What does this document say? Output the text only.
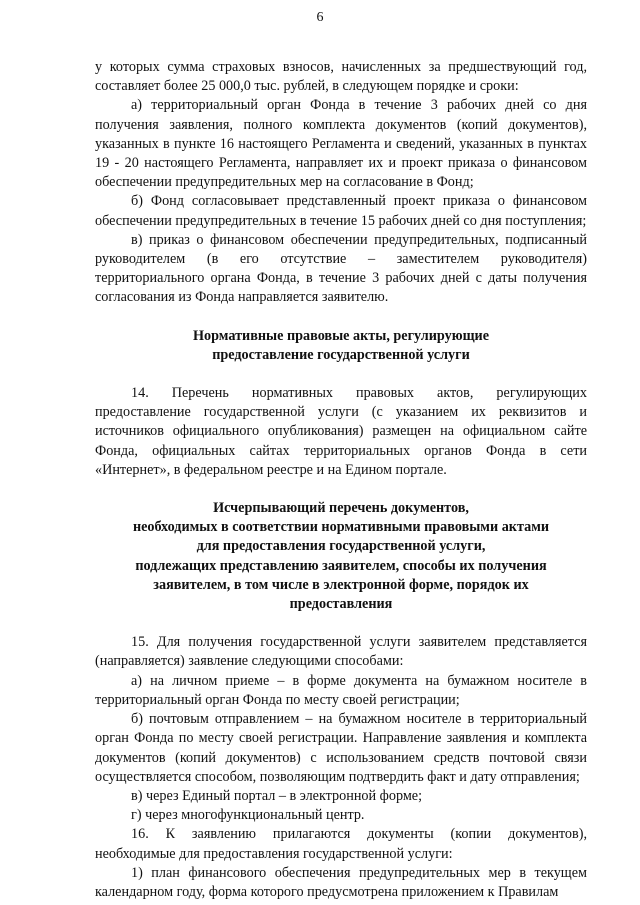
6

у которых сумма страховых взносов, начисленных за предшествующий год, составляет более 25 000,0 тыс. рублей, в следующем порядке и сроки:

а) территориальный орган Фонда в течение 3 рабочих дней со дня получения заявления, полного комплекта документов (копий документов), указанных в пункте 16 настоящего Регламента и сведений, указанных в пунктах 19 - 20 настоящего Регламента, направляет их и проект приказа о финансовом обеспечении предупредительных мер на согласование в Фонд;

б) Фонд согласовывает представленный проект приказа о финансовом обеспечении предупредительных в течение 15 рабочих дней со дня поступления;

в) приказ о финансовом обеспечении предупредительных, подписанный руководителем (в его отсутствие – заместителем руководителя) территориального органа Фонда, в течение 3 рабочих дней с даты получения согласования из Фонда направляется заявителю.

Нормативные правовые акты, регулирующие
предоставление государственной услуги

14. Перечень нормативных правовых актов, регулирующих предоставление государственной услуги (с указанием их реквизитов и источников официального опубликования) размещен на официальном сайте Фонда, официальных сайтах территориальных органов Фонда в сети «Интернет», в федеральном реестре и на Едином портале.

Исчерпывающий перечень документов,
необходимых в соответствии нормативными правовыми актами
для предоставления государственной услуги,
подлежащих представлению заявителем, способы их получения
заявителем, в том числе в электронной форме, порядок их
предоставления

15. Для получения государственной услуги заявителем представляется (направляется) заявление следующими способами:

а) на личном приеме – в форме документа на бумажном носителе в территориальный орган Фонда по месту своей регистрации;

б) почтовым отправлением – на бумажном носителе в территориальный орган Фонда по месту своей регистрации. Направление заявления и комплекта документов (копий документов) с использованием средств почтовой связи осуществляется способом, позволяющим подтвердить факт и дату отправления;

в) через Единый портал – в электронной форме;

г) через многофункциональный центр.

16. К заявлению прилагаются документы (копии документов), необходимые для предоставления государственной услуги:

1) план финансового обеспечения предупредительных мер в текущем календарном году, форма которого предусмотрена приложением к Правилам
